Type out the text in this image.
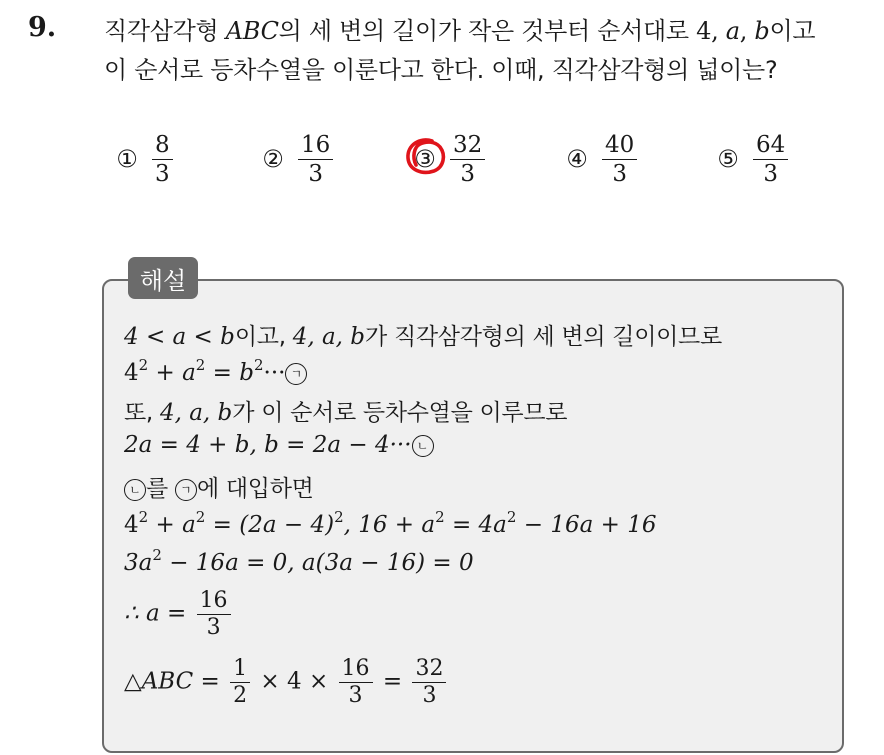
9. 직각삼각형 ABC의 세 변의 길이가 작은 것부터 순서대로 4, a, b이고
이 순서로 등차수열을 이룬다고 한다. 이때, 직각삼각형의 넓이는?
① $\frac{8}{3}$	② $\frac{16}{3}$	③ $\frac{32}{3}$	④ $\frac{40}{3}$	⑤ $\frac{64}{3}$
해설
4 < a < b이고, 4, a, b가 직각삼각형의 세 변의 길이이므로
$4^2 + a^2 = b^2\cdot\cdot\cdot$ ㄱ
또, 4, a, b가 이 순서로 등차수열을 이루므로
2a = 4 + b, b = 2a − 4··· ㄴ
ㄴ 를 ㄱ 에 대입하면
$4^2 + a^2 = (2a - 4)^2$, $16 + a^2 = 4a^2 - 16a + 16$
$3a^2 - 16a = 0$, a(3a − 16) = 0
∴ $a = \frac{16}{3}$
△ABC = $\frac{1}{2} \times 4 \times \frac{16}{3} = \frac{32}{3}$
